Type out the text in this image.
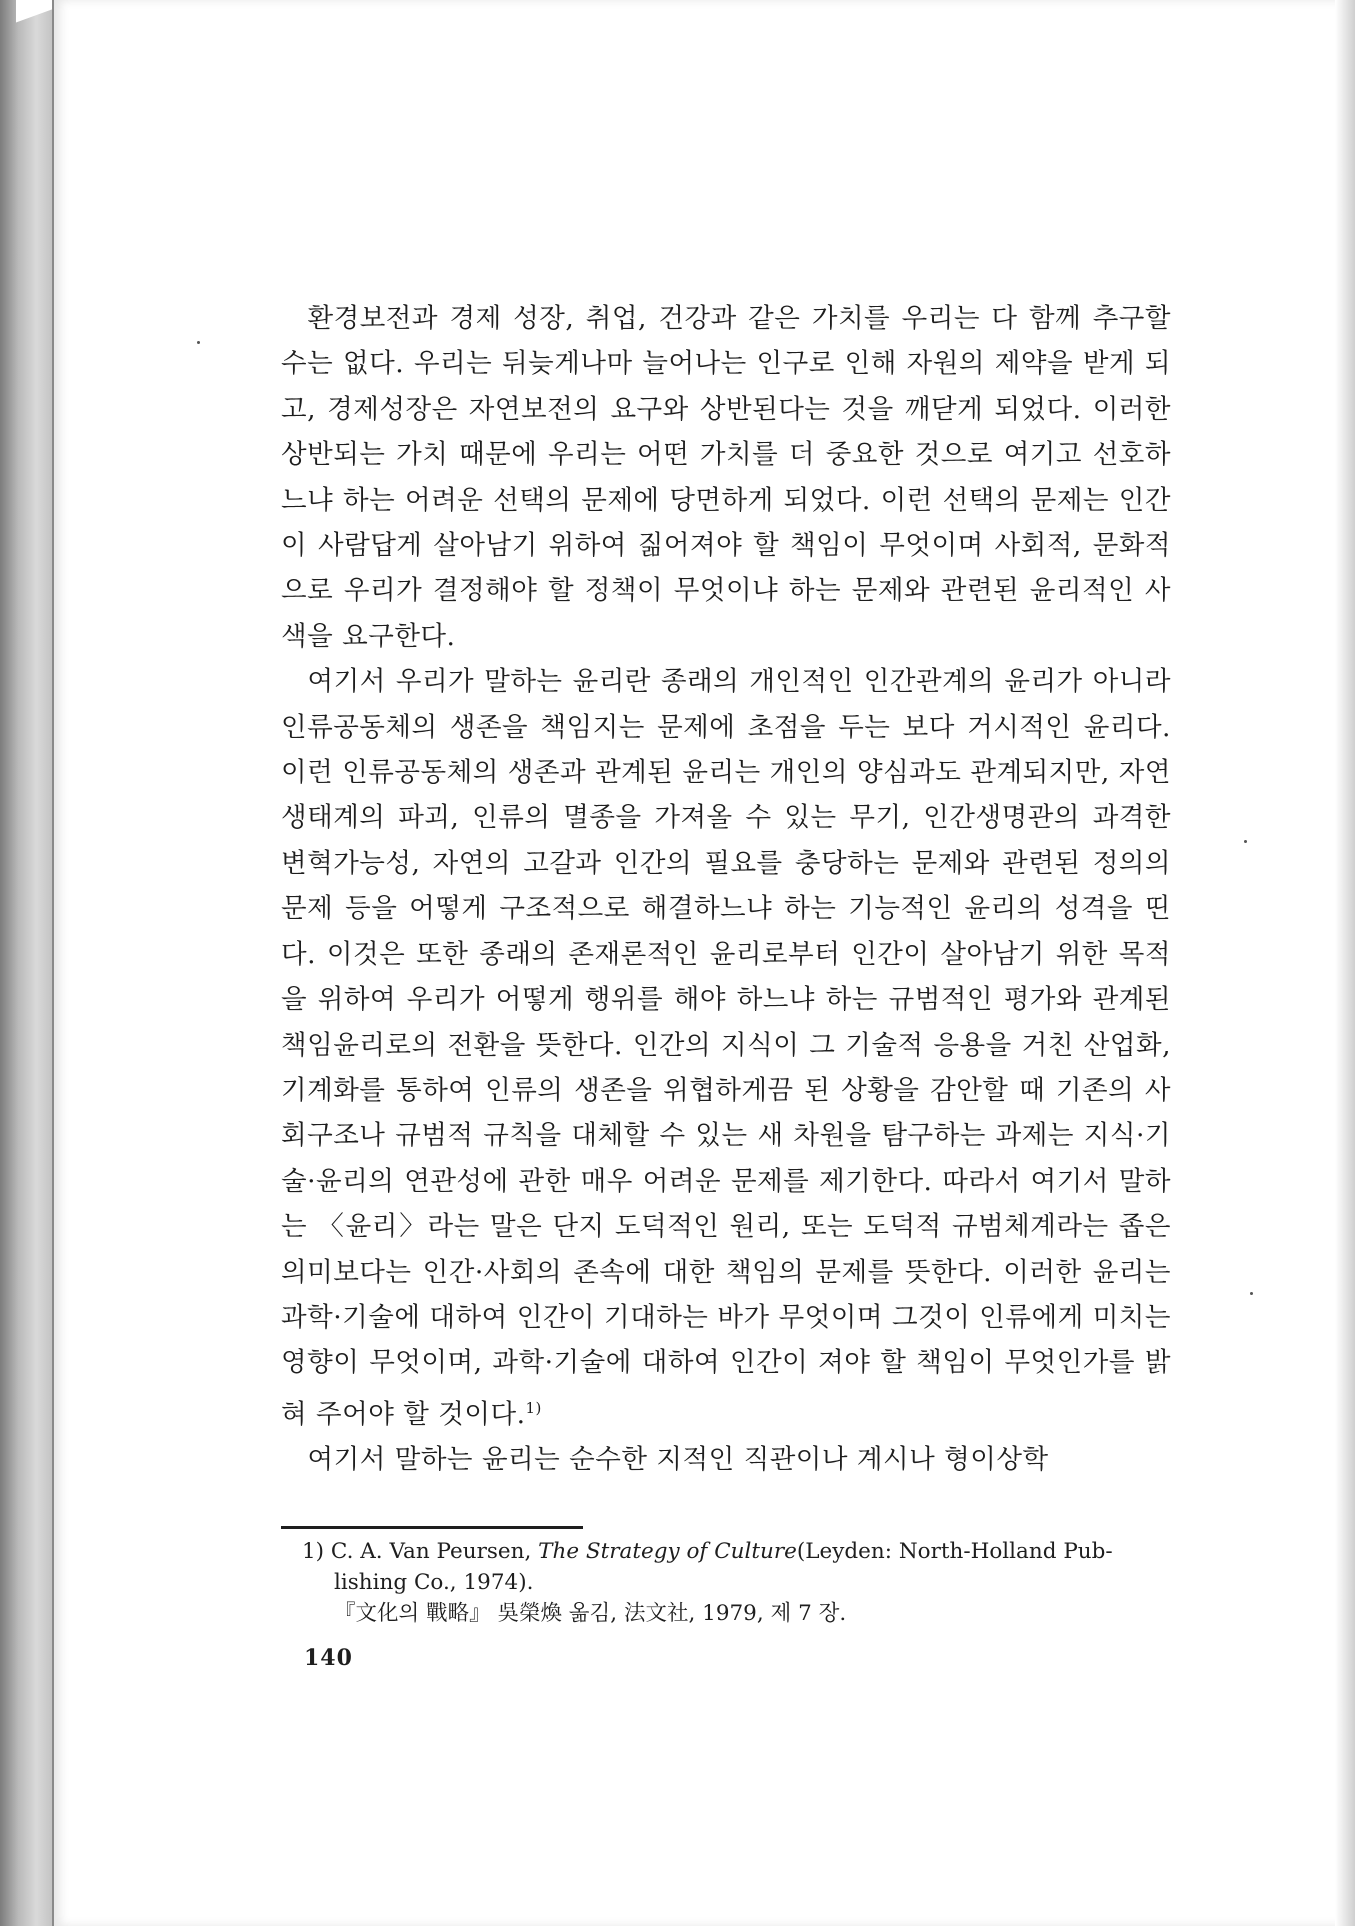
환경보전과 경제 성장, 취업, 건강과 같은 가치를 우리는 다 함께 추구할 수는 없다. 우리는 뒤늦게나마 늘어나는 인구로 인해 자원의 제약을 받게 되고, 경제성장은 자연보전의 요구와 상반된다는 것을 깨닫게 되었다. 이러한 상반되는 가치 때문에 우리는 어떤 가치를 더 중요한 것으로 여기고 선호하느냐 하는 어려운 선택의 문제에 당면하게 되었다. 이런 선택의 문제는 인간이 사람답게 살아남기 위하여 짊어져야 할 책임이 무엇이며 사회적, 문화적으로 우리가 결정해야 할 정책이 무엇이냐 하는 문제와 관련된 윤리적인 사색을 요구한다.

여기서 우리가 말하는 윤리란 종래의 개인적인 인간관계의 윤리가 아니라 인류공동체의 생존을 책임지는 문제에 초점을 두는 보다 거시적인 윤리다. 이런 인류공동체의 생존과 관계된 윤리는 개인의 양심과도 관계되지만, 자연 생태계의 파괴, 인류의 멸종을 가져올 수 있는 무기, 인간생명관의 과격한 변혁가능성, 자연의 고갈과 인간의 필요를 충당하는 문제와 관련된 정의의 문제 등을 어떻게 구조적으로 해결하느냐 하는 기능적인 윤리의 성격을 띤다. 이것은 또한 종래의 존재론적인 윤리로부터 인간이 살아남기 위한 목적을 위하여 우리가 어떻게 행위를 해야 하느냐 하는 규범적인 평가와 관계된 책임윤리로의 전환을 뜻한다. 인간의 지식이 그 기술적 응용을 거친 산업화, 기계화를 통하여 인류의 생존을 위협하게끔 된 상황을 감안할 때 기존의 사회구조나 규범적 규칙을 대체할 수 있는 새 차원을 탐구하는 과제는 지식·기술·윤리의 연관성에 관한 매우 어려운 문제를 제기한다. 따라서 여기서 말하는 〈윤리〉라는 말은 단지 도덕적인 원리, 또는 도덕적 규범체계라는 좁은 의미보다는 인간·사회의 존속에 대한 책임의 문제를 뜻한다. 이러한 윤리는 과학·기술에 대하여 인간이 기대하는 바가 무엇이며 그것이 인류에게 미치는 영향이 무엇이며, 과학·기술에 대하여 인간이 져야 할 책임이 무엇인가를 밝혀 주어야 할 것이다.$^{1)}$

여기서 말하는 윤리는 순수한 지적인 직관이나 계시나 형이상학

1) C. A. Van Peursen, The Strategy of Culture(Leyden: North-Holland Pub-
lishing Co., 1974).
『文化의 戰略』 吳榮煥 옮김, 法文社, 1979, 제 7 장.
140
